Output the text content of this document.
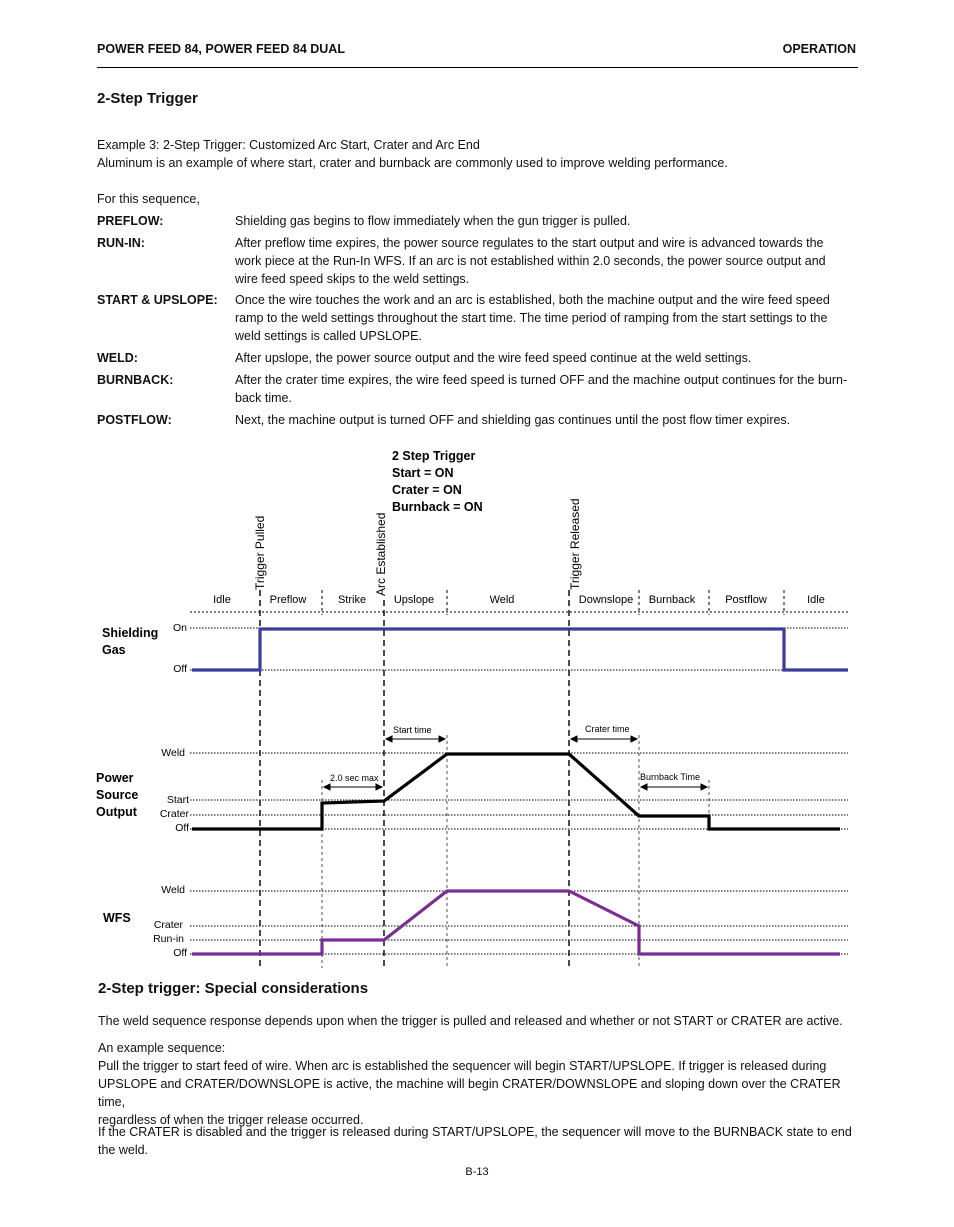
POWER FEED 84, POWER FEED 84 DUAL	OPERATION
2-Step Trigger
Example 3: 2-Step Trigger: Customized Arc Start, Crater and Arc End
Aluminum is an example of where start, crater and burnback are commonly used to improve welding performance.
For this sequence,
PREFLOW:	Shielding gas begins to flow immediately when the gun trigger is pulled.
RUN-IN:	After preflow time expires, the power source regulates to the start output and wire is advanced towards the
work piece at the Run-In WFS. If an arc is not established within 2.0 seconds, the power source output and
wire feed speed skips to the weld settings.
START & UPSLOPE: Once the wire touches the work and an arc is established, both the machine output and the wire feed speed
ramp to the weld settings throughout the start time. The time period of ramping from the start settings to the
weld settings is called UPSLOPE.
WELD:	After upslope, the power source output and the wire feed speed continue at the weld settings.
BURNBACK:	After the crater time expires, the wire feed speed is turned OFF and the machine output continues for the burn-
back time.
POSTFLOW:	Next, the machine output is turned OFF and shielding gas continues until the post flow timer expires.
2 Step Trigger
Start = ON
Crater = ON
Burnback = ON
Trigger Pulled	Arc Established	Trigger Released
Idle	Preflow	Strike	Upslope	Weld	Downslope Burnback	Postflow	Idle
Shielding
Gas
On
Off
Power
Source
Output
Weld
Start
Crater
Off
Start time	Crater time
2.0 sec max	Burnback Time
WFS
Weld
Crater
Run-in
Off
2-Step trigger: Special considerations
The weld sequence response depends upon when the trigger is pulled and released and whether or not START or CRATER are active.
An example sequence:
Pull the trigger to start feed of wire. When arc is established the sequencer will begin START/UPSLOPE. If trigger is released during
UPSLOPE and CRATER/DOWNSLOPE is active, the machine will begin CRATER/DOWNSLOPE and sloping down over the CRATER time,
regardless of when the trigger release occurred.
If the CRATER is disabled and the trigger is released during START/UPSLOPE, the sequencer will move to the BURNBACK state to end
the weld.
B-13
